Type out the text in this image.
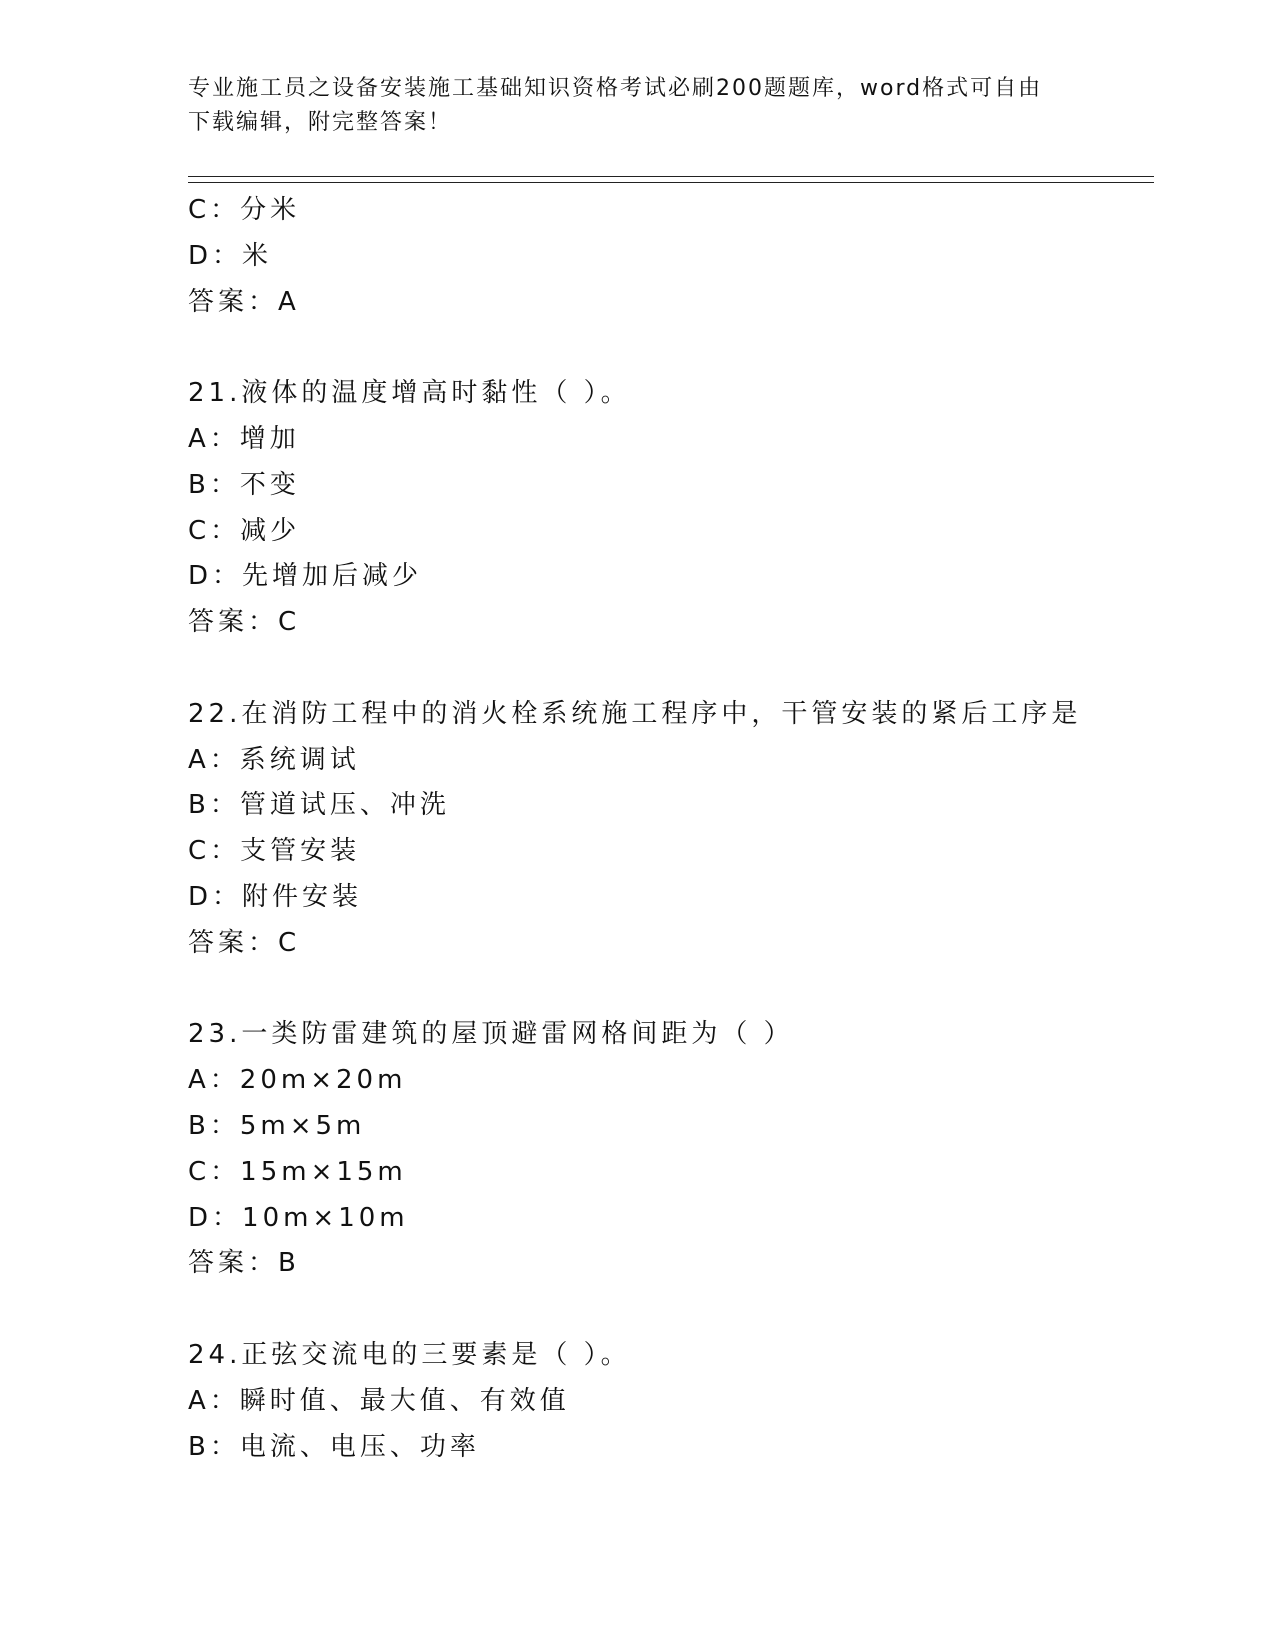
专业施工员之设备安装施工基础知识资格考试必刷200题题库，word格式可自由
下载编辑，附完整答案！
C：分米
D：米
答案：A
21.液体的温度增高时黏性（ ）。
A：增加
B：不变
C：减少
D：先增加后减少
答案：C
22.在消防工程中的消火栓系统施工程序中，干管安装的紧后工序是
A：系统调试
B：管道试压、冲洗
C：支管安装
D：附件安装
答案：C
23.一类防雷建筑的屋顶避雷网格间距为（ ）
A：20m×20m
B：5m×5m
C：15m×15m
D：10m×10m
答案：B
24.正弦交流电的三要素是（ ）。
A：瞬时值、最大值、有效值
B：电流、电压、功率
